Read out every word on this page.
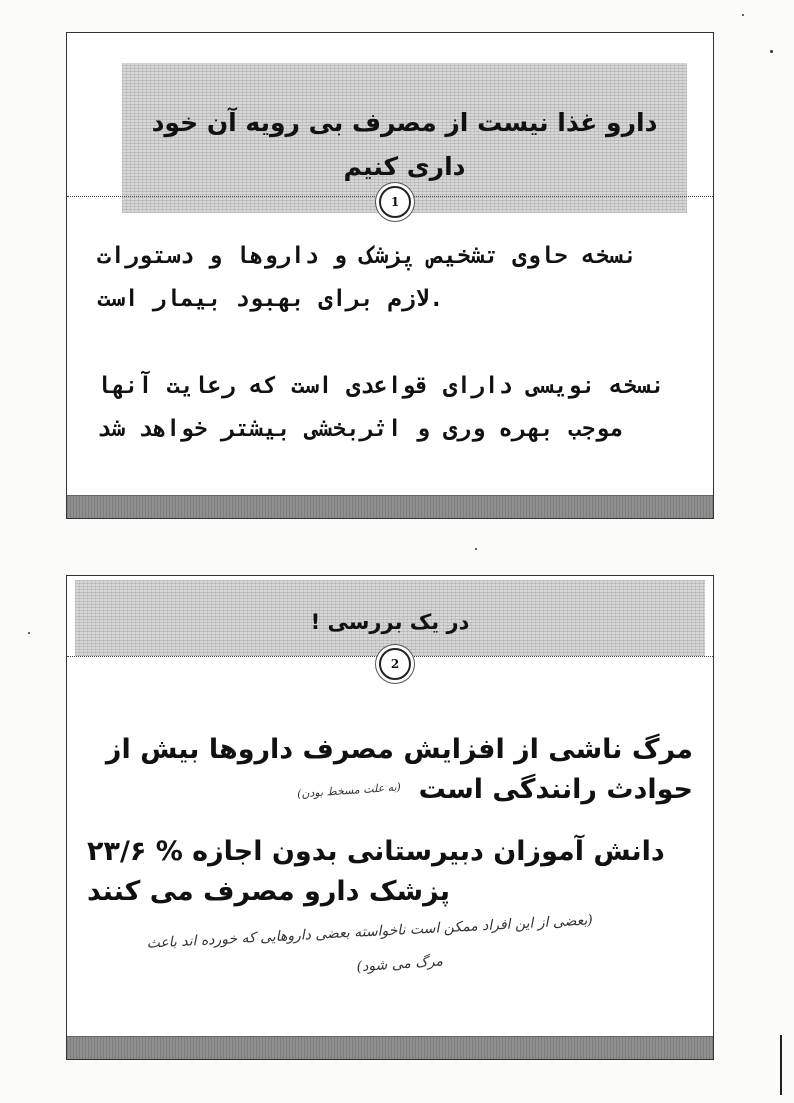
دارو غذا نیست از مصرف بی رویه آن خود داری کنیم
1

نسخه حاوی تشخیص پزشک و داروها و دستورات لازم برای بهبود بیمار است.

نسخه نویسی دارای قواعدی است که رعایت آنها موجب بهره وری و اثربخشی بیشتر خواهد شد

در یک بررسی !
2

مرگ ناشی از افزایش مصرف داروها بیش از حوادث رانندگی است (به علت مسخط بودن)

۲۳/۶ % دانش آموزان دبیرستانی بدون اجازه پزشک دارو مصرف می کنند

(بعضی از این افراد ممکن است ناخواسته بعضی داروهایی که خورده اند باعث
مرگ می شود)
